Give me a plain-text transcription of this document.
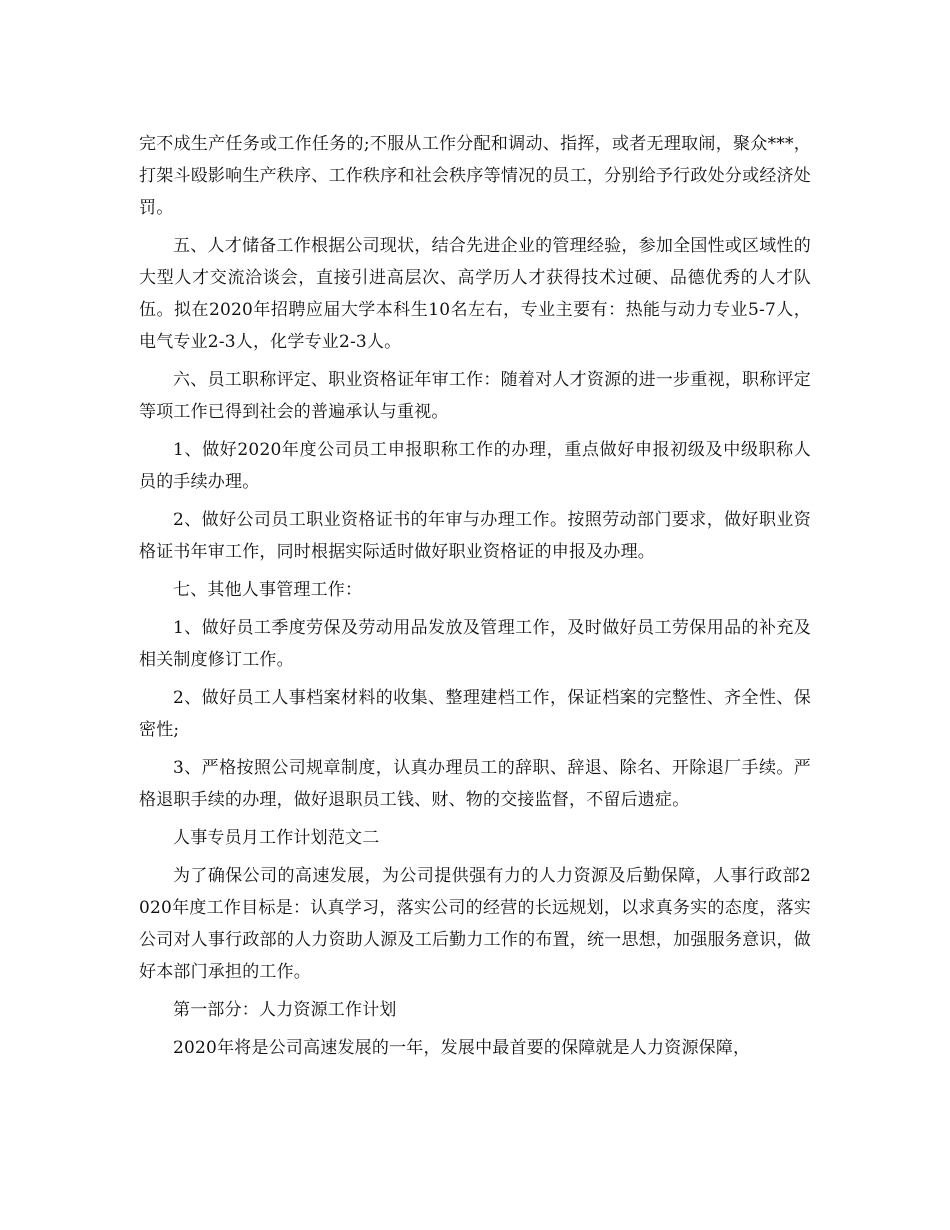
完不成生产任务或工作任务的;不服从工作分配和调动、指挥，或者无理取闹，聚众***，打架斗殴影响生产秩序、工作秩序和社会秩序等情况的员工，分别给予行政处分或经济处罚。

五、人才储备工作根据公司现状，结合先进企业的管理经验，参加全国性或区域性的大型人才交流洽谈会，直接引进高层次、高学历人才获得技术过硬、品德优秀的人才队伍。拟在2020年招聘应届大学本科生10名左右，专业主要有：热能与动力专业5-7人，电气专业2-3人，化学专业2-3人。

六、员工职称评定、职业资格证年审工作：随着对人才资源的进一步重视，职称评定等项工作已得到社会的普遍承认与重视。

1、做好2020年度公司员工申报职称工作的办理，重点做好申报初级及中级职称人员的手续办理。

2、做好公司员工职业资格证书的年审与办理工作。按照劳动部门要求，做好职业资格证书年审工作，同时根据实际适时做好职业资格证的申报及办理。

七、其他人事管理工作：

1、做好员工季度劳保及劳动用品发放及管理工作，及时做好员工劳保用品的补充及相关制度修订工作。

2、做好员工人事档案材料的收集、整理建档工作，保证档案的完整性、齐全性、保密性;

3、严格按照公司规章制度，认真办理员工的辞职、辞退、除名、开除退厂手续。严格退职手续的办理，做好退职员工钱、财、物的交接监督，不留后遗症。

人事专员月工作计划范文二

为了确保公司的高速发展，为公司提供强有力的人力资源及后勤保障，人事行政部2020年度工作目标是：认真学习，落实公司的经营的长远规划，以求真务实的态度，落实公司对人事行政部的人力资助人源及工后勤力工作的布置，统一思想，加强服务意识，做好本部门承担的工作。

第一部分：人力资源工作计划

2020年将是公司高速发展的一年，发展中最首要的保障就是人力资源保障，
